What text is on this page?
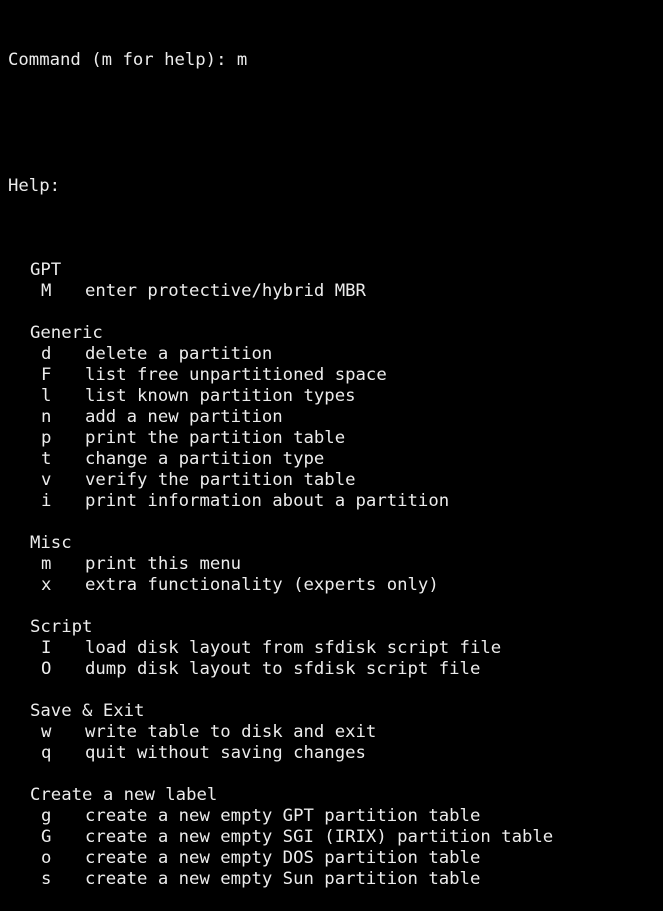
Command (m for help): m

Help:

GPT
M enter protective/hybrid MBR
Generic
d delete a partition
F list free unpartitioned space
l list known partition types
n add a new partition
p print the partition table
t change a partition type
v verify the partition table
i print information about a partition
Misc
m print this menu
x extra functionality (experts only)
Script
I load disk layout from sfdisk script file
O dump disk layout to sfdisk script file
Save & Exit
w write table to disk and exit
q quit without saving changes
Create a new label
g create a new empty GPT partition table
G create a new empty SGI (IRIX) partition table
o create a new empty DOS partition table
s create a new empty Sun partition table
